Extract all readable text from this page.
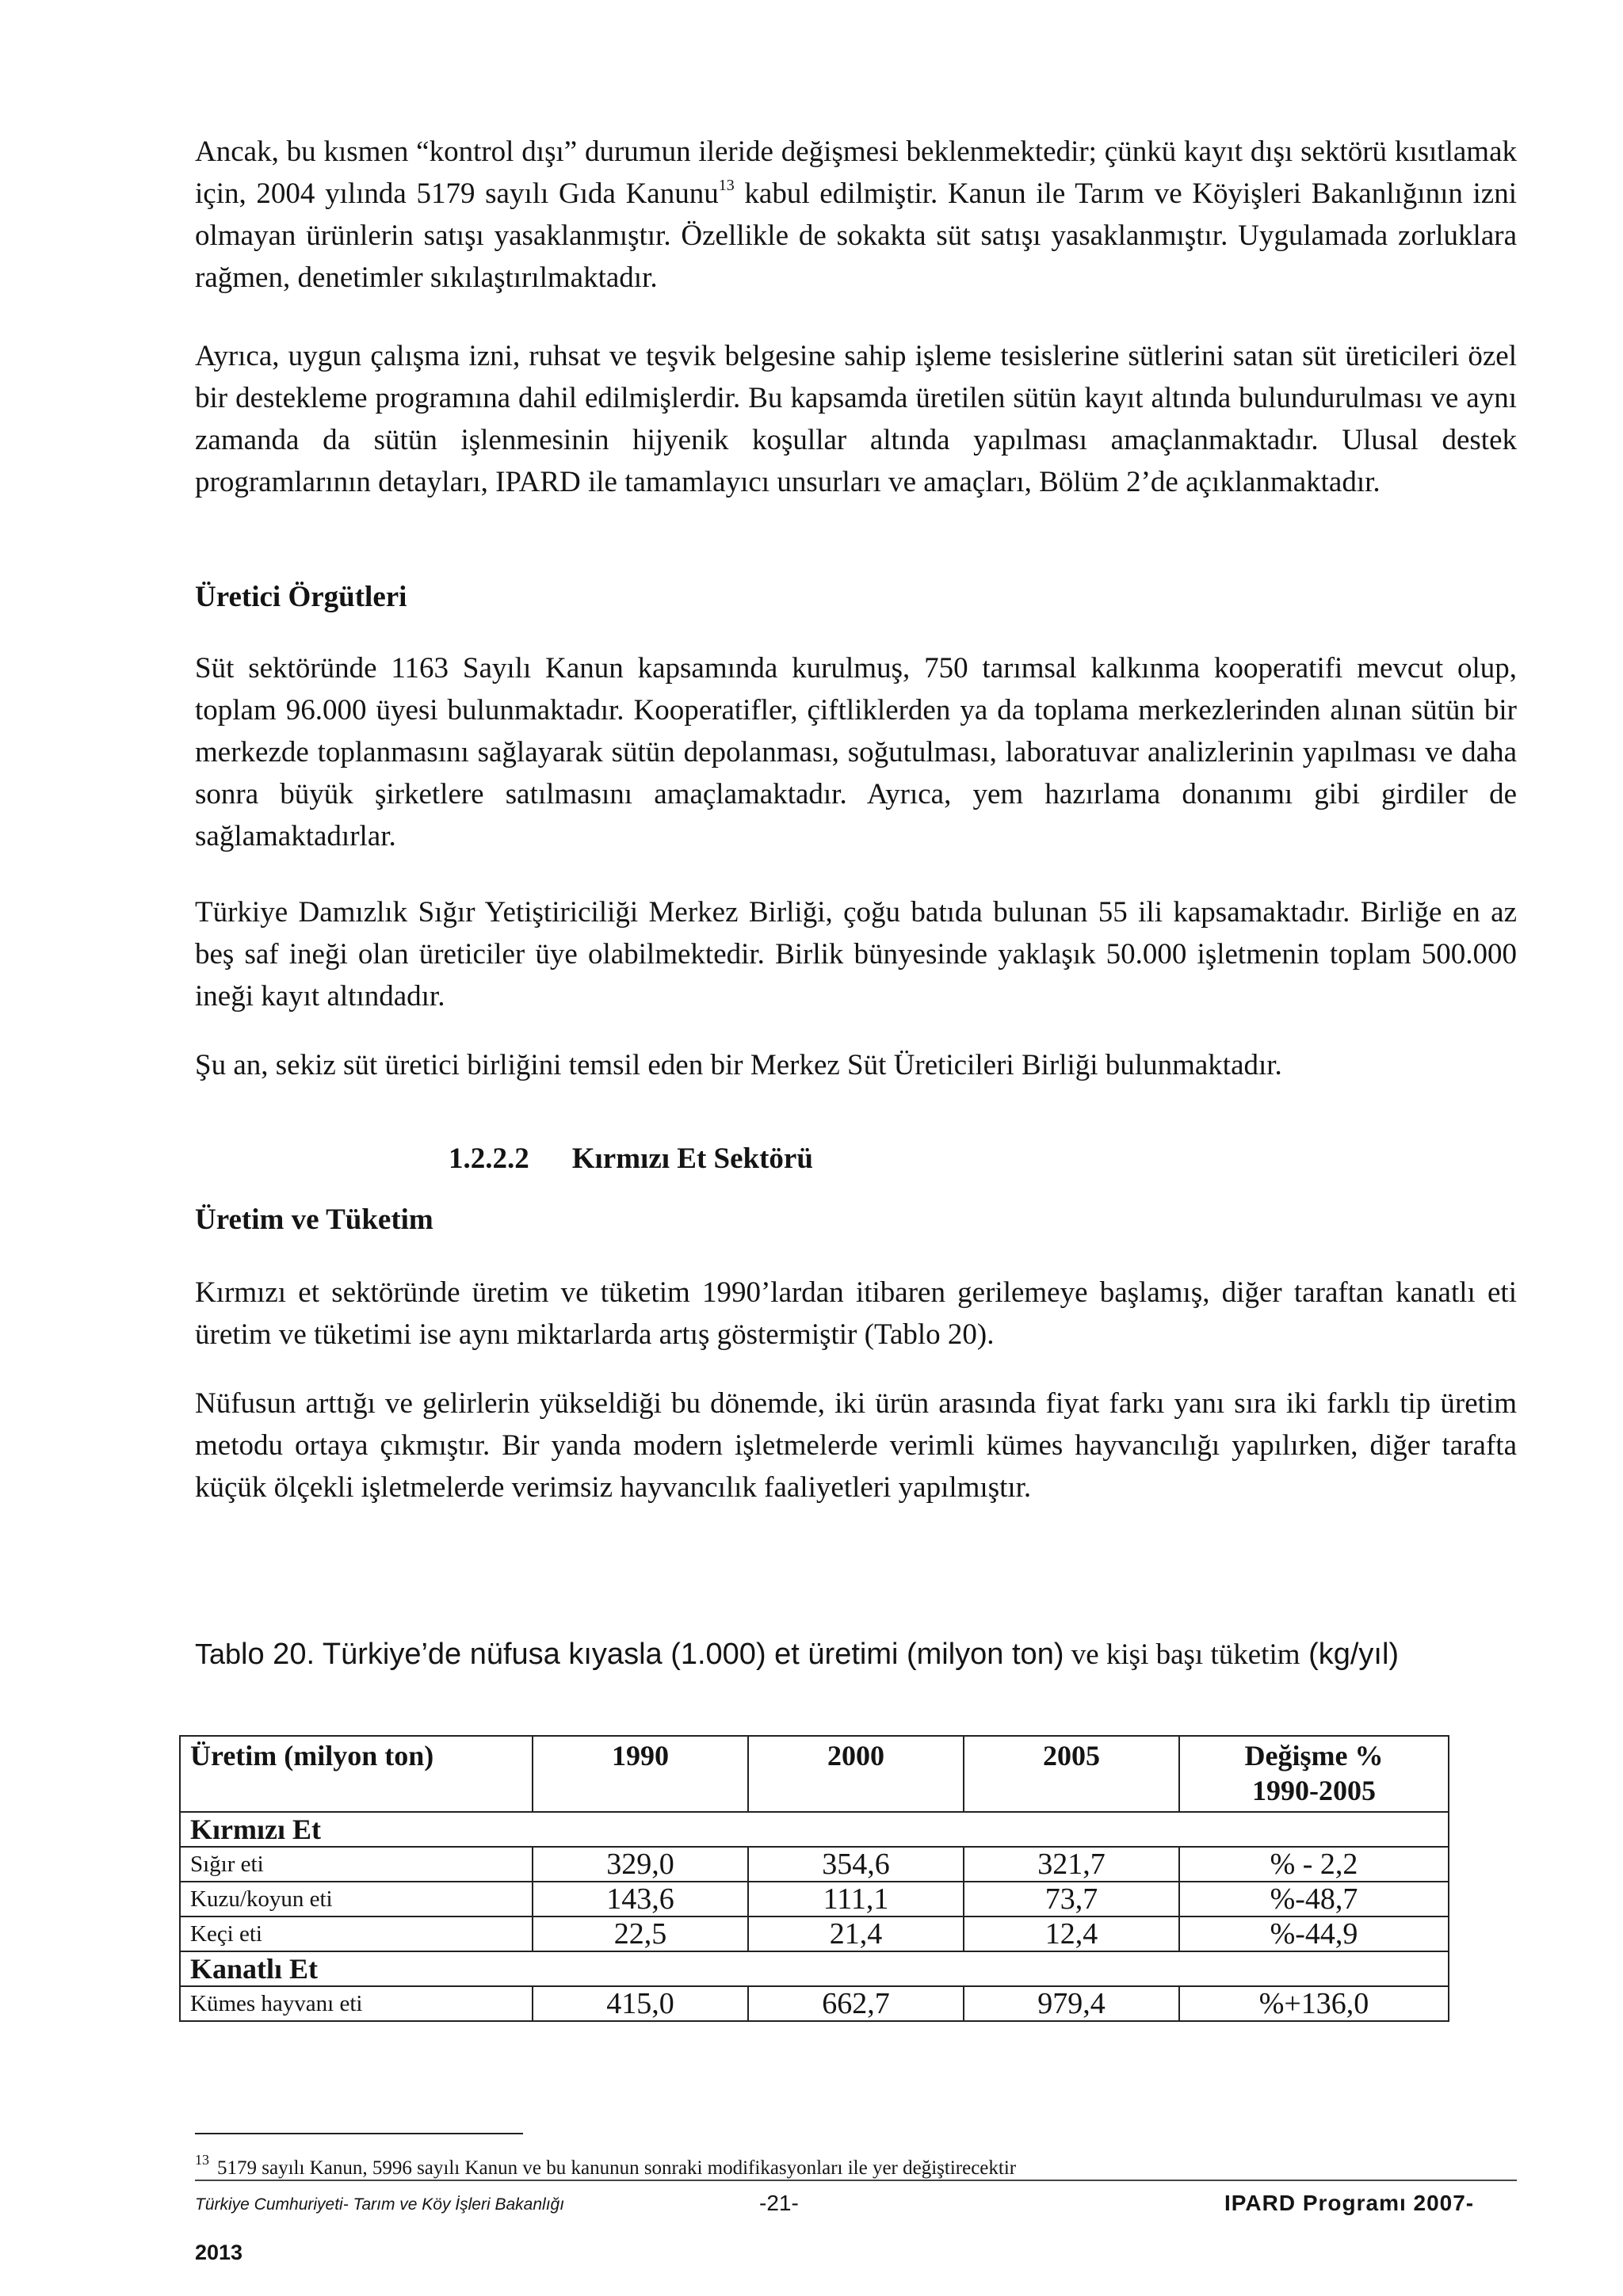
Ancak, bu kısmen “kontrol dışı” durumun ileride değişmesi beklenmektedir; çünkü kayıt dışı sektörü kısıtlamak için, 2004 yılında 5179 sayılı Gıda Kanunu$^{13}$ kabul edilmiştir. Kanun ile Tarım ve Köyişleri Bakanlığının izni olmayan ürünlerin satışı yasaklanmıştır. Özellikle de sokakta süt satışı yasaklanmıştır. Uygulamada zorluklara rağmen, denetimler sıkılaştırılmaktadır.

Ayrıca, uygun çalışma izni, ruhsat ve teşvik belgesine sahip işleme tesislerine sütlerini satan süt üreticileri özel bir destekleme programına dahil edilmişlerdir. Bu kapsamda üretilen sütün kayıt altında bulundurulması ve aynı zamanda da sütün işlenmesinin hijyenik koşullar altında yapılması amaçlanmaktadır. Ulusal destek programlarının detayları, IPARD ile tamamlayıcı unsurları ve amaçları, Bölüm 2’de açıklanmaktadır.

Üretici Örgütleri

Süt sektöründe 1163 Sayılı Kanun kapsamında kurulmuş, 750 tarımsal kalkınma kooperatifi mevcut olup, toplam 96.000 üyesi bulunmaktadır. Kooperatifler, çiftliklerden ya da toplama merkezlerinden alınan sütün bir merkezde toplanmasını sağlayarak sütün depolanması, soğutulması, laboratuvar analizlerinin yapılması ve daha sonra büyük şirketlere satılmasını amaçlamaktadır. Ayrıca, yem hazırlama donanımı gibi girdiler de sağlamaktadırlar.

Türkiye Damızlık Sığır Yetiştiriciliği Merkez Birliği, çoğu batıda bulunan 55 ili kapsamaktadır. Birliğe en az beş saf ineği olan üreticiler üye olabilmektedir. Birlik bünyesinde yaklaşık 50.000 işletmenin toplam 500.000 ineği kayıt altındadır.

Şu an, sekiz süt üretici birliğini temsil eden bir Merkez Süt Üreticileri Birliği bulunmaktadır.

1.2.2.2 Kırmızı Et Sektörü
Üretim ve Tüketim

Kırmızı et sektöründe üretim ve tüketim 1990’lardan itibaren gerilemeye başlamış, diğer taraftan kanatlı eti üretim ve tüketimi ise aynı miktarlarda artış göstermiştir (Tablo 20).

Nüfusun arttığı ve gelirlerin yükseldiği bu dönemde, iki ürün arasında fiyat farkı yanı sıra iki farklı tip üretim metodu ortaya çıkmıştır. Bir yanda modern işletmelerde verimli kümes hayvancılığı yapılırken, diğer tarafta küçük ölçekli işletmelerde verimsiz hayvancılık faaliyetleri yapılmıştır.

Tablo 20. Türkiye’de nüfusa kıyasla (1.000) et üretimi (milyon ton) ve kişi başı tüketim (kg/yıl)

Üretim (milyon ton)	1990	2000	2005	Değişme %
1990-2005
Kırmızı Et				
Sığır eti	329,0	354,6	321,7	% - 2,2
Kuzu/koyun eti	143,6	111,1	73,7	%-48,7
Keçi eti	22,5	21,4	12,4	%-44,9
Kanatlı Et				
Kümes hayvanı eti	415,0	662,7	979,4	%+136,0
$^{13}$ 5179 sayılı Kanun, 5996 sayılı Kanun ve bu kanunun sonraki modifikasyonları ile yer değiştirecektir
Türkiye Cumhuriyeti- Tarım ve Köy İşleri Bakanlığı	-21-	IPARD Programı 2007-
2013
